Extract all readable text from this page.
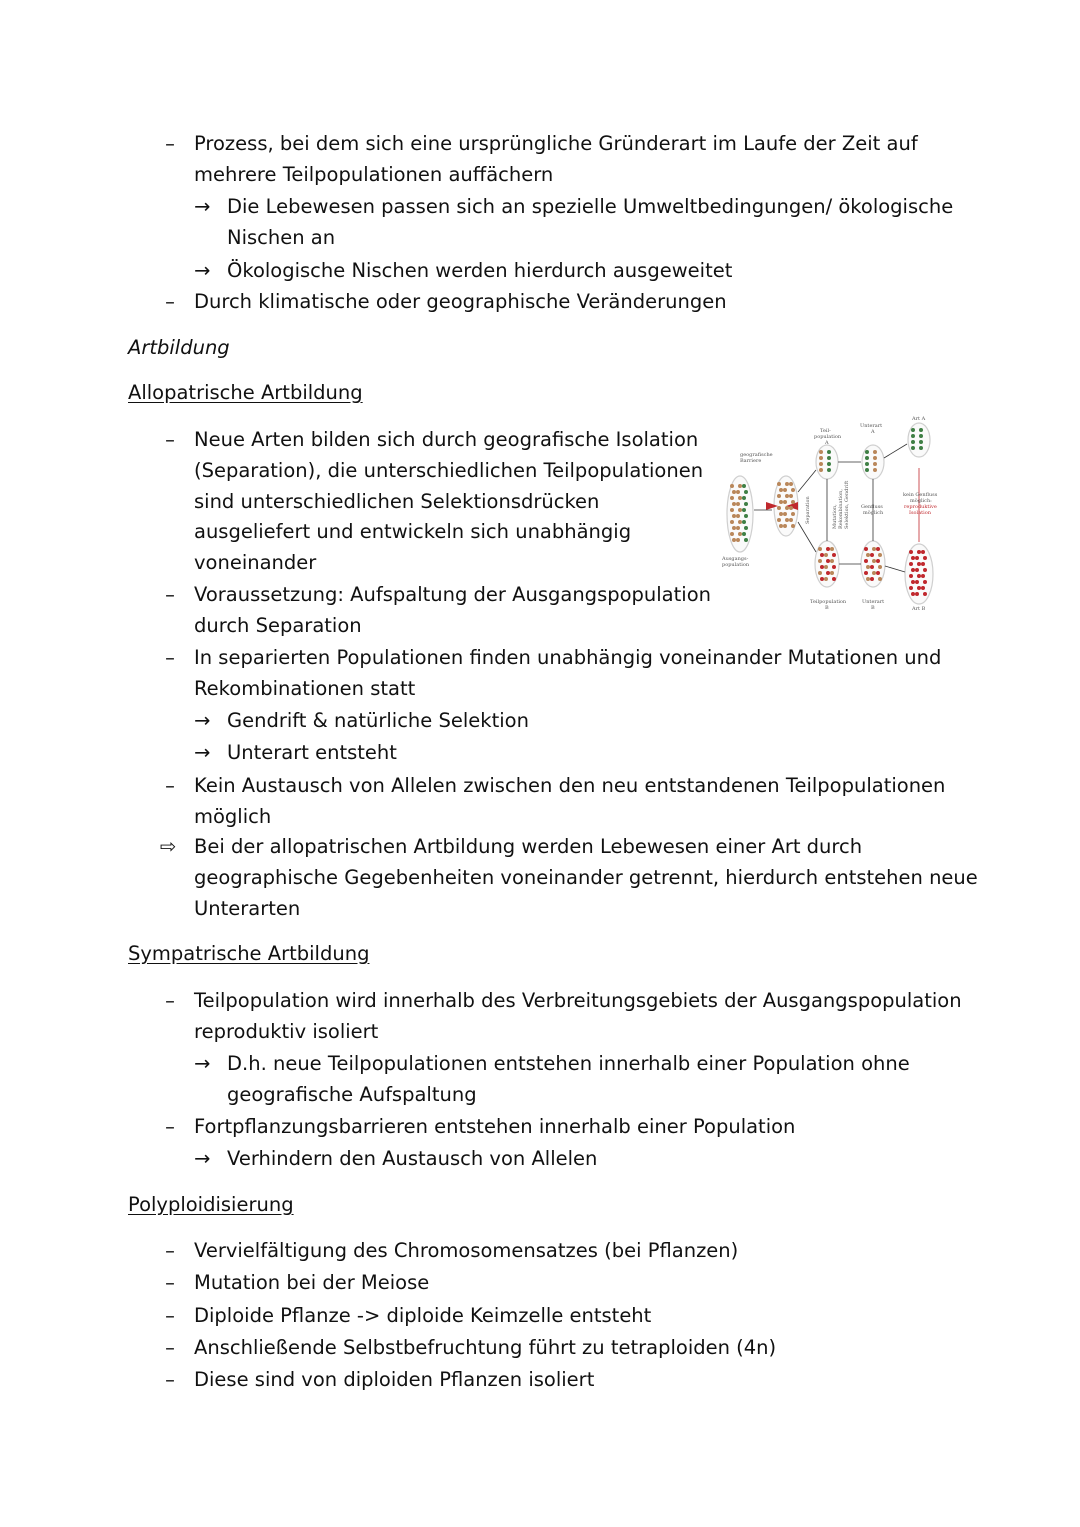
– Prozess, bei dem sich eine ursprüngliche Gründerart im Laufe der Zeit auf
mehrere Teilpopulationen auffächern
→ Die Lebewesen passen sich an spezielle Umweltbedingungen/ ökologische
Nischen an
→ Ökologische Nischen werden hierdurch ausgeweitet
– Durch klimatische oder geographische Veränderungen
Artbildung
Allopatrische Artbildung
– Neue Arten bilden sich durch geografische Isolation
(Separation), die unterschiedlichen Teilpopulationen
sind unterschiedlichen Selektionsdrücken
ausgeliefert und entwickeln sich unabhängig
voneinander
– Voraussetzung: Aufspaltung der Ausgangspopulation
durch Separation
– In separierten Populationen finden unabhängig voneinander Mutationen und
Rekombinationen statt
→ Gendrift & natürliche Selektion
→ Unterart entsteht
– Kein Austausch von Allelen zwischen den neu entstandenen Teilpopulationen
möglich
⇨ Bei der allopatrischen Artbildung werden Lebewesen einer Art durch
geographische Gegebenheiten voneinander getrennt, hierdurch entstehen neue
Unterarten
geografische
Barriere
Ausgangs-
population
Separation
Teil-
population
A
Unterart
A
Art A
Mutation, Rekombination, Selektion, Gendrift Genfluss
möglich
kein Genfluss
möglich:
reproduktive
Isolation
Teilpopulation
B
Unterart
B	Art B
Sympatrische Artbildung
– Teilpopulation wird innerhalb des Verbreitungsgebiets der Ausgangspopulation
reproduktiv isoliert
→ D.h. neue Teilpopulationen entstehen innerhalb einer Population ohne
geografische Aufspaltung
– Fortpflanzungsbarrieren entstehen innerhalb einer Population
→ Verhindern den Austausch von Allelen
Polyploidisierung
– Vervielfältigung des Chromosomensatzes (bei Pflanzen)
– Mutation bei der Meiose
– Diploide Pflanze -> diploide Keimzelle entsteht
– Anschließende Selbstbefruchtung führt zu tetraploiden (4n)
– Diese sind von diploiden Pflanzen isoliert
